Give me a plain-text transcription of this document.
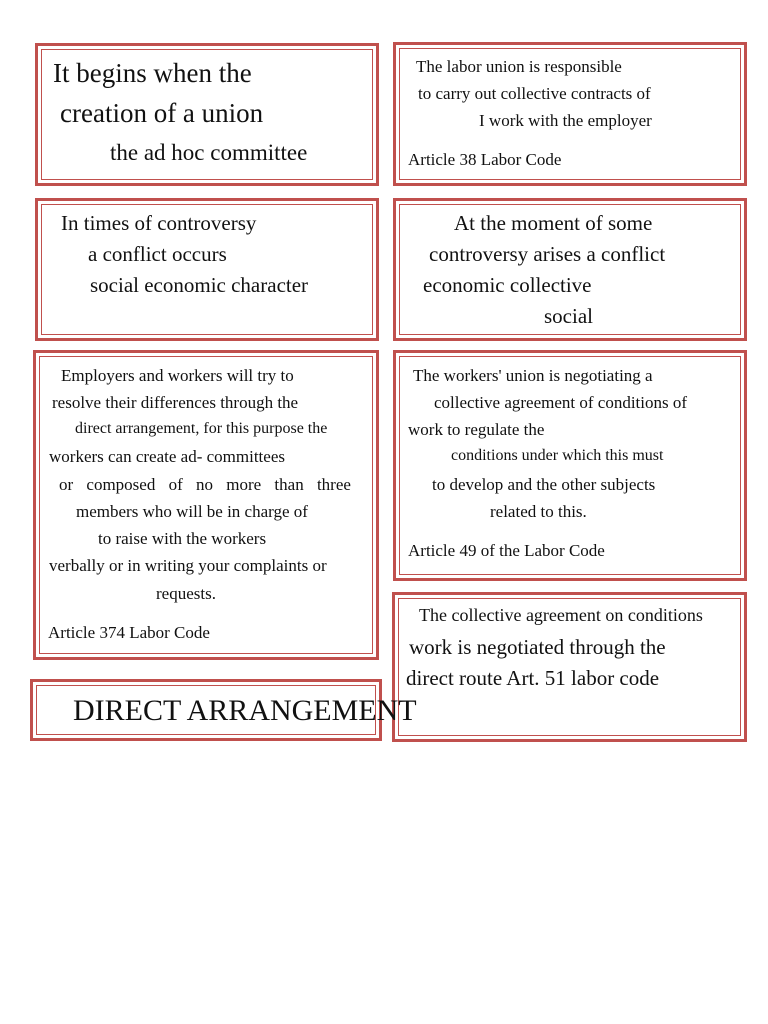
It begins when the
creation of a union
the ad hoc committee
The labor union is responsible
to carry out collective contracts of
I work with the employer
Article 38 Labor Code
In times of controversy
a conflict occurs
social economic character
At the moment of some
controversy arises a conflict
economic collective
social
Employers and workers will try to
resolve their differences through the
direct arrangement, for this purpose the
workers can create ad- committees
or composed of no more than three
members who will be in charge of
to raise with the workers
verbally or in writing your complaints or
requests.
Article 374 Labor Code
The workers' union is negotiating a
collective agreement of conditions of
work to regulate the
conditions under which this must
to develop and the other subjects
related to this.
Article 49 of the Labor Code
The collective agreement on conditions
work is negotiated through the
direct route Art. 51 labor code
DIRECT ARRANGEMENT
